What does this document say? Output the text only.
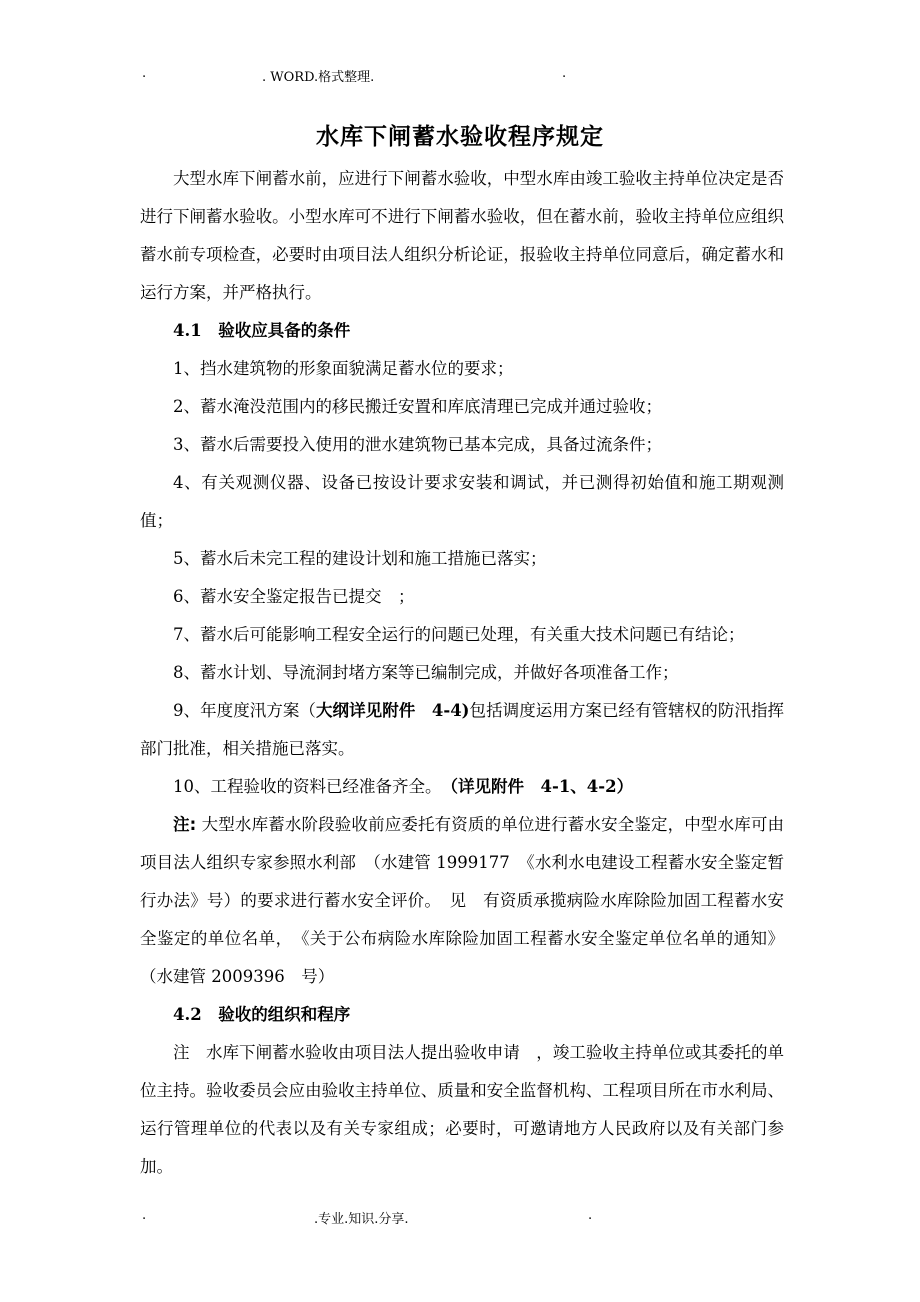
.	. WORD.格式整理.	.
水库下闸蓄水验收程序规定

大型水库下闸蓄水前，应进行下闸蓄水验收，中型水库由竣工验收主持单位决定是否进行下闸蓄水验收。小型水库可不进行下闸蓄水验收，但在蓄水前，验收主持单位应组织蓄水前专项检查，必要时由项目法人组织分析论证，报验收主持单位同意后，确定蓄水和运行方案，并严格执行。

4.1　验收应具备的条件

1、挡水建筑物的形象面貌满足蓄水位的要求；

2、蓄水淹没范围内的移民搬迁安置和库底清理已完成并通过验收；

3、蓄水后需要投入使用的泄水建筑物已基本完成，具备过流条件；

4、有关观测仪器、设备已按设计要求安装和调试，并已测得初始值和施工期观测值；

5、蓄水后未完工程的建设计划和施工措施已落实；

6、蓄水安全鉴定报告已提交　；

7、蓄水后可能影响工程安全运行的问题已处理，有关重大技术问题已有结论；

8、蓄水计划、导流洞封堵方案等已编制完成，并做好各项准备工作；

9、年度度汛方案（大纲详见附件　4-4)包括调度运用方案已经有管辖权的防汛指挥部门批准，相关措施已落实。

10、工程验收的资料已经准备齐全。　（详见附件　4-1、4-2）

注: 大型水库蓄水阶段验收前应委托有资质的单位进行蓄水安全鉴定，中型水库可由项目法人组织专家参照水利部　（水建管 1999177　《水利水电建设工程蓄水安全鉴定暂行办法》号）的要求进行蓄水安全评价。　见　有资质承揽病险水库除险加固工程蓄水安全鉴定的单位名单，　《关于公布病险水库除险加固工程蓄水安全鉴定单位名单的通知》（水建管 2009396　号）

4.2　验收的组织和程序

注　水库下闸蓄水验收由项目法人提出验收申请　，竣工验收主持单位或其委托的单位主持。验收委员会应由验收主持单位、质量和安全监督机构、工程项目所在市水利局、运行管理单位的代表以及有关专家组成；必要时，可邀请地方人民政府以及有关部门参加。

.	.专业.知识.分享.	.
